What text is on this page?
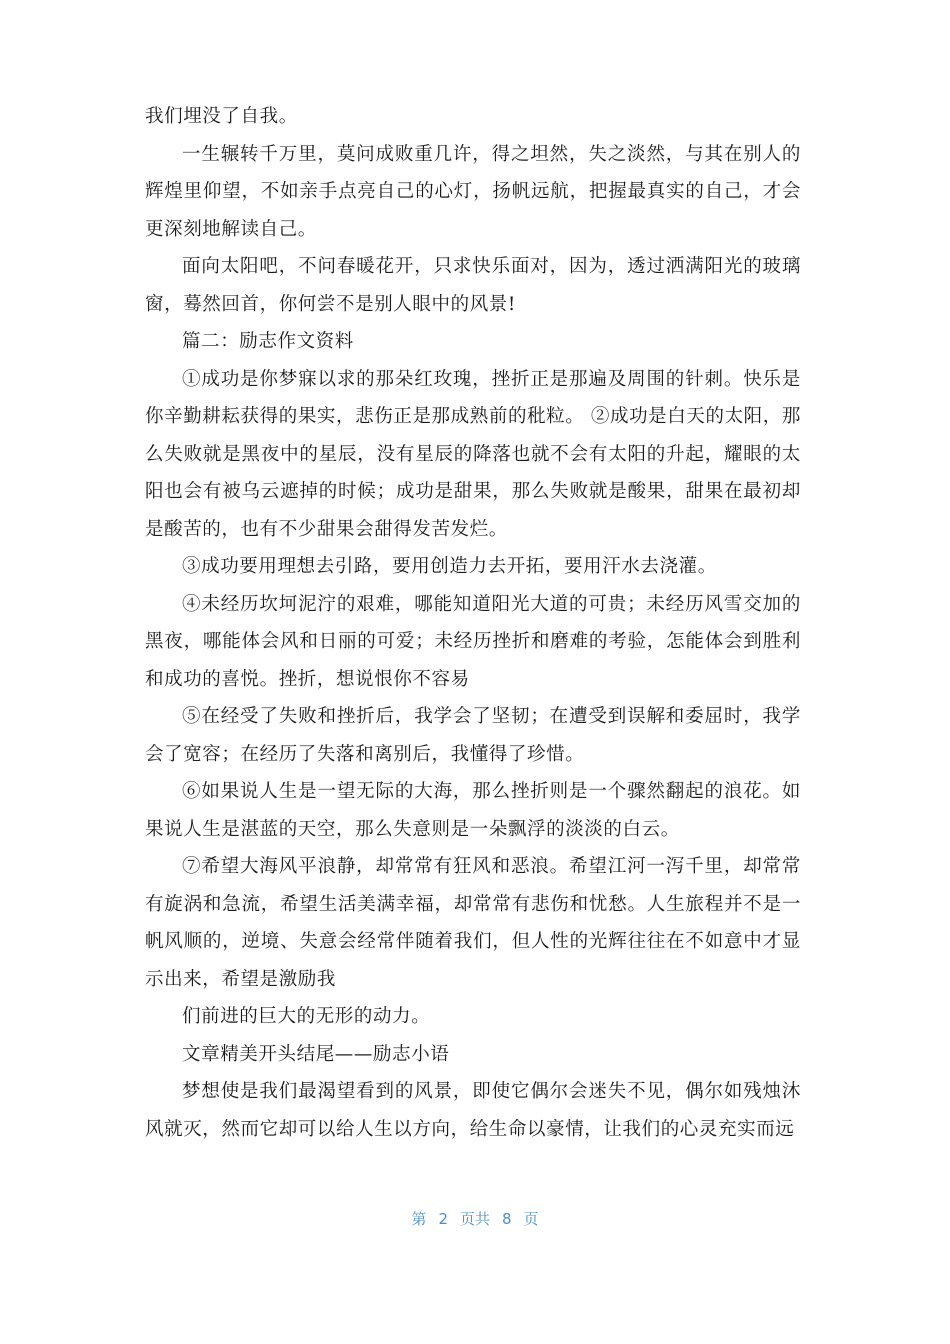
我们埋没了自我。

一生辗转千万里，莫问成败重几许，得之坦然，失之淡然，与其在别人的辉煌里仰望，不如亲手点亮自己的心灯，扬帆远航，把握最真实的自己，才会更深刻地解读自己。

面向太阳吧，不问春暖花开，只求快乐面对，因为，透过洒满阳光的玻璃窗，蓦然回首，你何尝不是别人眼中的风景!

篇二：励志作文资料

①成功是你梦寐以求的那朵红玫瑰，挫折正是那遍及周围的针刺。快乐是你辛勤耕耘获得的果实，悲伤正是那成熟前的秕粒。 ②成功是白天的太阳，那么失败就是黑夜中的星辰，没有星辰的降落也就不会有太阳的升起，耀眼的太阳也会有被乌云遮掉的时候；成功是甜果，那么失败就是酸果，甜果在最初却是酸苦的，也有不少甜果会甜得发苦发烂。

③成功要用理想去引路，要用创造力去开拓，要用汗水去浇灌。

④未经历坎坷泥泞的艰难，哪能知道阳光大道的可贵；未经历风雪交加的黑夜，哪能体会风和日丽的可爱；未经历挫折和磨难的考验，怎能体会到胜利和成功的喜悦。挫折，想说恨你不容易

⑤在经受了失败和挫折后，我学会了坚韧；在遭受到误解和委屈时，我学会了宽容；在经历了失落和离别后，我懂得了珍惜。

⑥如果说人生是一望无际的大海，那么挫折则是一个骤然翻起的浪花。如果说人生是湛蓝的天空，那么失意则是一朵飘浮的淡淡的白云。

⑦希望大海风平浪静，却常常有狂风和恶浪。希望江河一泻千里，却常常有旋涡和急流，希望生活美满幸福，却常常有悲伤和忧愁。人生旅程并不是一帆风顺的，逆境、失意会经常伴随着我们，但人性的光辉往往在不如意中才显示出来，希望是激励我

们前进的巨大的无形的动力。

文章精美开头结尾——励志小语

梦想使是我们最渴望看到的风景，即使它偶尔会迷失不见，偶尔如残烛沐风就灭，然而它却可以给人生以方向，给生命以豪情，让我们的心灵充实而远

第 2 页共 8 页
